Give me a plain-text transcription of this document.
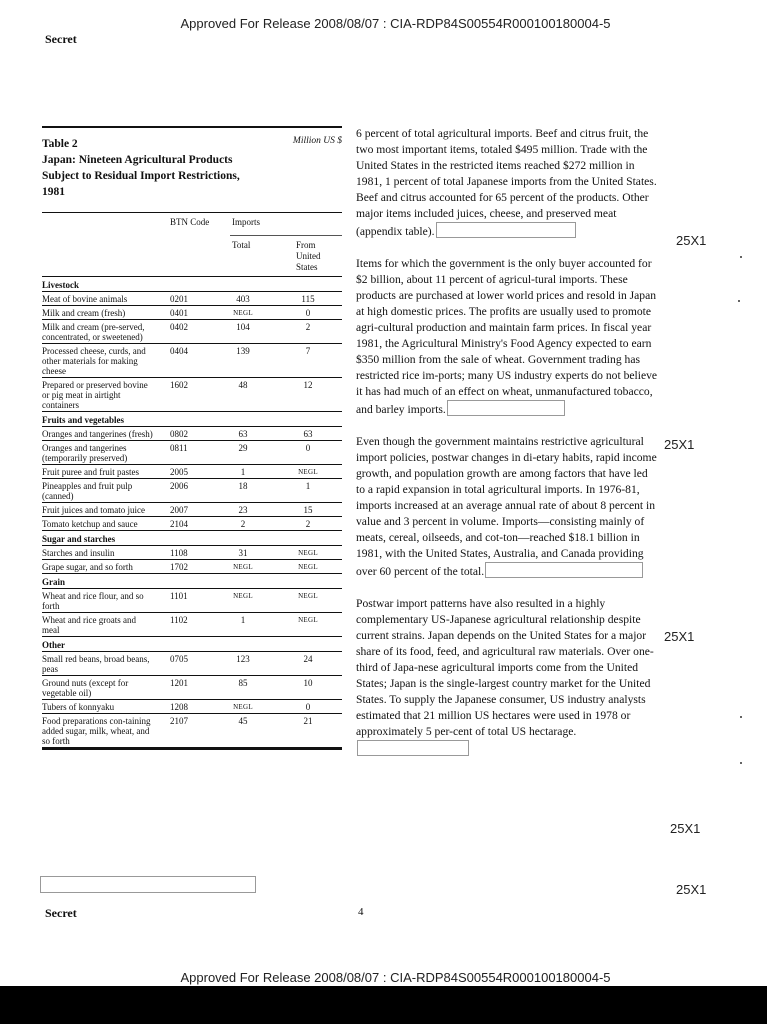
Approved For Release 2008/08/07 : CIA-RDP84S00554R000100180004-5
Secret
Table 2
Japan: Nineteen Agricultural Products Subject to Residual Import Restrictions, 1981
Million US $
BTN Code	Imports
Total	From United States
Livestock
Meat of bovine animals	0201	403	115
Milk and cream (fresh)	0401	NEGL	0
Milk and cream (pre-served, concentrated, or sweetened)
0402	104	2
Processed cheese, curds, and other materials for making cheese
0404	139	7
Prepared or preserved bovine or pig meat in airtight containers
1602	48	12
Fruits and vegetables
Oranges and tangerines (fresh) 0802	63	63
Oranges and tangerines (temporarily preserved)
0811	29	0
Fruit puree and fruit pastes	2005	1	NEGL
Pineapples and fruit pulp (canned)
2006	18	1
Fruit juices and tomato juice	2007	23	15
Tomato ketchup and sauce	2104	2	2
Sugar and starches
Starches and insulin	1108	31	NEGL
Grape sugar, and so forth	1702	NEGL	NEGL
Grain
Wheat and rice flour, and so forth
1101	NEGL	NEGL
Wheat and rice groats and meal
1102	1	NEGL
Other
Small red beans, broad beans, peas
0705	123	24
Ground nuts (except for vegetable oil)
1201	85	10
Tubers of konnyaku	1208	NEGL	0
Food preparations con-taining added sugar, milk, wheat, and so forth
2107	45	21

6 percent of total agricultural imports. Beef and citrus fruit, the two most important items, totaled $495 million. Trade with the United States in the restricted items reached $272 million in 1981, 1 percent of total Japanese imports from the United States. Beef and citrus accounted for 65 percent of the products. Other major items included juices, cheese, and preserved meat (appendix table).

Items for which the government is the only buyer accounted for $2 billion, about 11 percent of agricul-tural imports. These products are purchased at lower world prices and resold in Japan at high domestic prices. The profits are usually used to promote agri-cultural production and maintain farm prices. In fiscal year 1981, the Agricultural Ministry's Food Agency expected to earn $350 million from the sale of wheat. Government trading has restricted rice im-ports; many US industry experts do not believe it has had much of an effect on wheat, unmanufactured tobacco, and barley imports.

Even though the government maintains restrictive agricultural import policies, postwar changes in di-etary habits, rapid income growth, and population growth are among factors that have led to a rapid expansion in total agricultural imports. In 1976-81, imports increased at an average annual rate of about 8 percent in value and 3 percent in volume. Imports—consisting mainly of meats, cereal, oilseeds, and cot-ton—reached $18.1 billion in 1981, with the United States, Australia, and Canada providing over 60 percent of the total.

Postwar import patterns have also resulted in a highly complementary US-Japanese agricultural relationship despite current strains. Japan depends on the United States for a major share of its food, feed, and agricultural raw materials. Over one-third of Japa-nese agricultural imports come from the United States; Japan is the single-largest country market for the United States. To supply the Japanese consumer, US industry analysts estimated that 21 million US hectares were used in 1978 or approximately 5 per-cent of total US hectarage.

25X1
25X1
25X1
25X1
25X1
Secret	4
Approved For Release 2008/08/07 : CIA-RDP84S00554R000100180004-5
